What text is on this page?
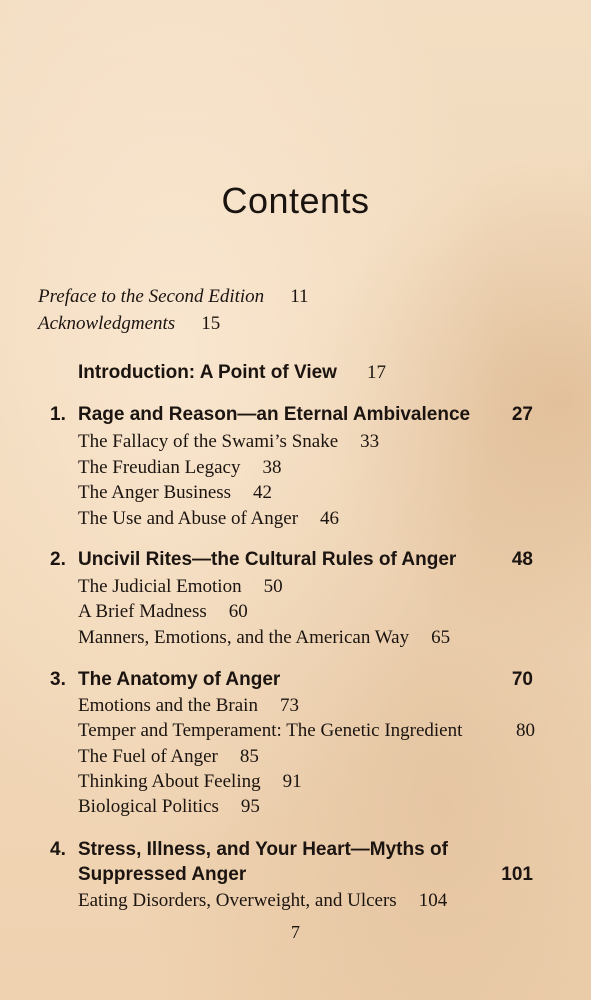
Contents
Preface to the Second Edition 11
Acknowledgments 15
Introduction: A Point of View 17
1. Rage and Reason—an Eternal Ambivalence 27
The Fallacy of the Swami’s Snake 33
The Freudian Legacy 38
The Anger Business 42
The Use and Abuse of Anger 46
2. Uncivil Rites—the Cultural Rules of Anger	48
The Judicial Emotion 50
A Brief Madness 60
Manners, Emotions, and the American Way 65
3. The Anatomy of Anger	70
Emotions and the Brain 73
Temper and Temperament: The Genetic Ingredient	80
The Fuel of Anger 85
Thinking About Feeling 91
Biological Politics 95
4. Stress, Illness, and Your Heart—Myths of
Suppressed Anger	101
Eating Disorders, Overweight, and Ulcers 104
7
